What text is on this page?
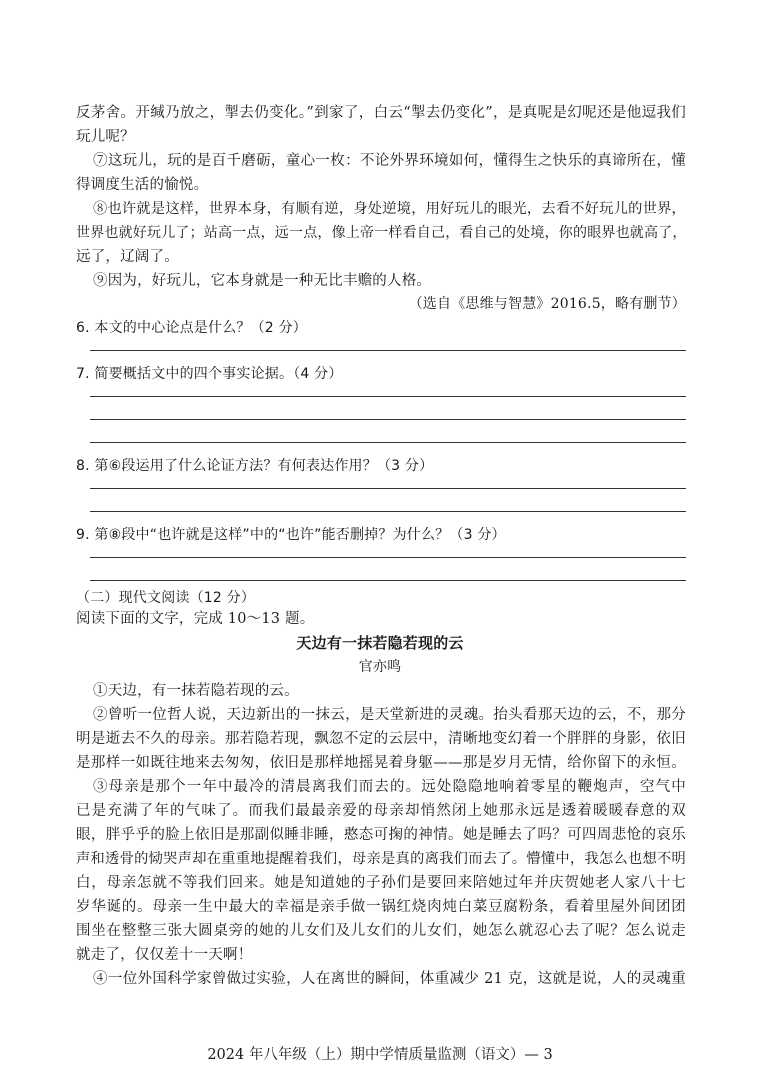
反茅舍。开缄乃放之，掣去仍变化。”到家了，白云“掣去仍变化”，是真呢是幻呢还是他逗我们
玩儿呢？
⑦这玩儿，玩的是百千磨砺，童心一枚：不论外界环境如何，懂得生之快乐的真谛所在，懂
得调度生活的愉悦。
⑧也许就是这样，世界本身，有顺有逆，身处逆境，用好玩儿的眼光，去看不好玩儿的世界，
世界也就好玩儿了；站高一点，远一点，像上帝一样看自己，看自己的处境，你的眼界也就高了，
远了，辽阔了。
⑨因为，好玩儿，它本身就是一种无比丰赡的人格。
（选自《思维与智慧》2016.5，略有删节）
6. 本文的中心论点是什么？（2 分）
7. 简要概括文中的四个事实论据。（4 分）
8. 第⑥段运用了什么论证方法？有何表达作用？（3 分）
9. 第⑧段中“也许就是这样”中的“也许”能否删掉？为什么？（3 分）
（二）现代文阅读（12 分）
阅读下面的文字，完成 10～13 题。
天边有一抹若隐若现的云
官亦鸣
①天边，有一抹若隐若现的云。
②曾听一位哲人说，天边新出的一抹云，是天堂新进的灵魂。抬头看那天边的云，不，那分
明是逝去不久的母亲。那若隐若现，飘忽不定的云层中，清晰地变幻着一个胖胖的身影，依旧
是那样一如既往地来去匆匆，依旧是那样地摇晃着身躯——那是岁月无情，给你留下的永恒。
③母亲是那个一年中最冷的清晨离我们而去的。远处隐隐地响着零星的鞭炮声，空气中
已是充满了年的气味了。而我们最最亲爱的母亲却悄然闭上她那永远是透着暖暖春意的双
眼，胖乎乎的脸上依旧是那副似睡非睡，憨态可掬的神情。她是睡去了吗？可四周悲怆的哀乐
声和透骨的恸哭声却在重重地提醒着我们，母亲是真的离我们而去了。懵懂中，我怎么也想不明
白，母亲怎就不等我们回来。她是知道她的子孙们是要回来陪她过年并庆贺她老人家八十七
岁华诞的。母亲一生中最大的幸福是亲手做一锅红烧肉炖白菜豆腐粉条，看着里屋外间团团
围坐在整整三张大圆桌旁的她的儿女们及儿女们的儿女们，她怎么就忍心去了呢？怎么说走
就走了，仅仅差十一天啊！
④一位外国科学家曾做过实验，人在离世的瞬间，体重减少 21 克，这就是说，人的灵魂重
2024 年八年级（上）期中学情质量监测（语文）— 3
